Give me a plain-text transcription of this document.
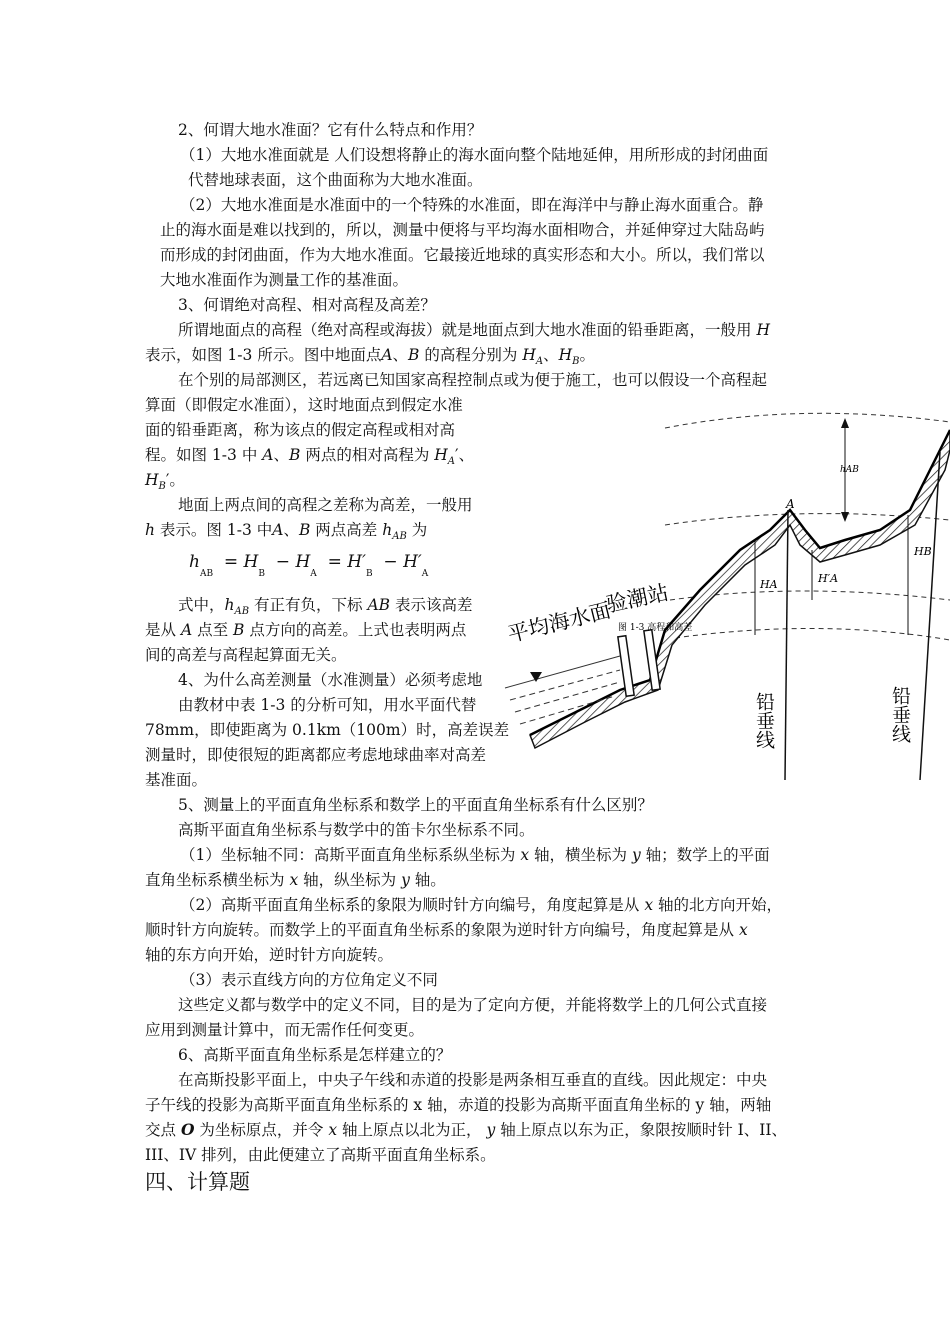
2、何谓大地水准面？它有什么特点和作用？
（1）大地水准面就是 人们设想将静止的海水面向整个陆地延伸，用所形成的封闭曲面
代替地球表面，这个曲面称为大地水准面。
（2）大地水准面是水准面中的一个特殊的水准面，即在海洋中与静止海水面重合。静
止的海水面是难以找到的，所以，测量中便将与平均海水面相吻合，并延伸穿过大陆岛屿
而形成的封闭曲面，作为大地水准面。它最接近地球的真实形态和大小。所以，我们常以
大地水准面作为测量工作的基准面。
3、何谓绝对高程、相对高程及高差？
所谓地面点的高程（绝对高程或海拔）就是地面点到大地水准面的铅垂距离，一般用 H
表示，如图 1-3 所示。图中地面点A、B 的高程分别为 $H_A$、$H_B$。
在个别的局部测区，若远离已知国家高程控制点或为便于施工，也可以假设一个高程起
算面（即假定水准面），这时地面点到假定水准
面的铅垂距离，称为该点的假定高程或相对高
程。如图 1-3 中 A、B 两点的相对高程为 $H_A'$、
$H_B'$。
地面上两点间的高程之差称为高差，一般用
h 表示。图 1-3 中A、B 两点高差 $h_{AB}$ 为
$h_{AB} = H_B - H_A = H'_B - H'_A$
式中，$h_{AB}$ 有正有负，下标 AB 表示该高差
是从 A 点至 B 点方向的高差。上式也表明两点
间的高差与高程起算面无关。
4、为什么高差测量（水准测量）必须考虑地
由教材中表 1-3 的分析可知，用水平面代替
78mm，即使距离为 0.1km（100m）时，高差误差
测量时，即使很短的距离都应考虑地球曲率对高差
基准面。
平均海水面
验潮站
图 1-3 高程和高差
铅垂线	铅垂线
hAB
HA	H′A
A
HB
5、测量上的平面直角坐标系和数学上的平面直角坐标系有什么区别？
高斯平面直角坐标系与数学中的笛卡尔坐标系不同。
（1）坐标轴不同：高斯平面直角坐标系纵坐标为 x 轴，横坐标为 y 轴；数学上的平面
直角坐标系横坐标为 x 轴，纵坐标为 y 轴。
（2）高斯平面直角坐标系的象限为顺时针方向编号，角度起算是从 x 轴的北方向开始，
顺时针方向旋转。而数学上的平面直角坐标系的象限为逆时针方向编号，角度起算是从 x
轴的东方向开始，逆时针方向旋转。
（3）表示直线方向的方位角定义不同
这些定义都与数学中的定义不同，目的是为了定向方便，并能将数学上的几何公式直接
应用到测量计算中，而无需作任何变更。
6、高斯平面直角坐标系是怎样建立的？
在高斯投影平面上，中央子午线和赤道的投影是两条相互垂直的直线。因此规定：中央
子午线的投影为高斯平面直角坐标系的 x 轴，赤道的投影为高斯平面直角坐标的 y 轴，两轴
交点 O 为坐标原点，并令 x 轴上原点以北为正， y 轴上原点以东为正，象限按顺时针 I、II、
III、IV 排列，由此便建立了高斯平面直角坐标系。
四、计算题
